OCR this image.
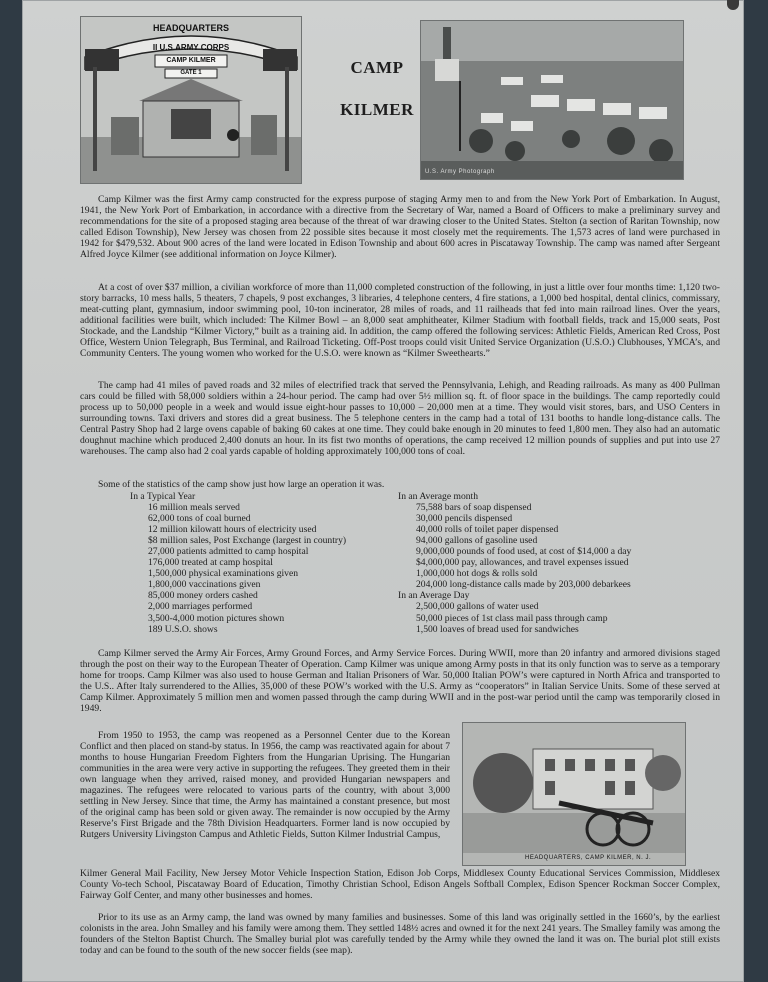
HEADQUARTERS
II U.S.ARMY CORPS
CAMP KILMER
GATE 1	CAMP
KILMER
U.S. Army Photograph

Camp Kilmer was the first Army camp constructed for the express purpose of staging Army men to and from the New York Port of Embarkation. In August, 1941, the New York Port of Embarkation, in accordance with a directive from the Secretary of War, named a Board of Officers to make a preliminary survey and recommendations for the site of a proposed staging area because of the threat of war drawing closer to the United States. Stelton (a section of Raritan Township, now called Edison Township), New Jersey was chosen from 22 possible sites because it most closely met the requirements. The 1,573 acres of land were purchased in 1942 for $479,532. About 900 acres of the land were located in Edison Township and about 600 acres in Piscataway Township. The camp was named after Sergeant Alfred Joyce Kilmer (see additional information on Joyce Kilmer).

At a cost of over $37 million, a civilian workforce of more than 11,000 completed construction of the following, in just a little over four months time: 1,120 two-story barracks, 10 mess halls, 5 theaters, 7 chapels, 9 post exchanges, 3 libraries, 4 telephone centers, 4 fire stations, a 1,000 bed hospital, dental clinics, commissary, meat-cutting plant, gymnasium, indoor swimming pool, 10-ton incinerator, 28 miles of roads, and 11 railheads that fed into main railroad lines. Over the years, additional facilities were built, which included: The Kilmer Bowl – an 8,000 seat amphitheater, Kilmer Stadium with football fields, track and 15,000 seats, Post Stockade, and the Landship “Kilmer Victory,” built as a training aid. In addition, the camp offered the following services: Athletic Fields, American Red Cross, Post Office, Western Union Telegraph, Bus Terminal, and Railroad Ticketing. Off-Post troops could visit United Service Organization (U.S.O.) Clubhouses, YMCA’s, and Community Centers. The young women who worked for the U.S.O. were known as “Kilmer Sweethearts.”

The camp had 41 miles of paved roads and 32 miles of electrified track that served the Pennsylvania, Lehigh, and Reading railroads. As many as 400 Pullman cars could be filled with 58,000 soldiers within a 24-hour period. The camp had over 5½ million sq. ft. of floor space in the buildings. The camp reportedly could process up to 50,000 people in a week and would issue eight-hour passes to 10,000 – 20,000 men at a time. They would visit stores, bars, and USO Centers in surrounding towns. Taxi drivers and stores did a great business. The 5 telephone centers in the camp had a total of 131 booths to handle long-distance calls. The Central Pastry Shop had 2 large ovens capable of baking 60 cakes at one time. They could bake enough in 20 minutes to feed 1,800 men. They also had an automatic doughnut machine which produced 2,400 donuts an hour. In its fist two months of operations, the camp received 12 million pounds of supplies and put into use 27 warehouses. The camp also had 2 coal yards capable of holding approximately 100,000 tons of coal.

Some of the statistics of the camp show just how large an operation it was.

In a Typical Year
16 million meals served
62,000 tons of coal burned
12 million kilowatt hours of electricity used
$8 million sales, Post Exchange (largest in country)
27,000 patients admitted to camp hospital
176,000 treated at camp hospital
1,500,000 physical examinations given
1,800,000 vaccinations given
85,000 money orders cashed
2,000 marriages performed
3,500-4,000 motion pictures shown
189 U.S.O. shows
In an Average month
75,588 bars of soap dispensed
30,000 pencils dispensed
40,000 rolls of toilet paper dispensed
94,000 gallons of gasoline used
9,000,000 pounds of food used, at cost of $14,000 a day
$4,000,000 pay, allowances, and travel expenses issued
1,000,000 hot dogs & rolls sold
204,000 long-distance calls made by 203,000 debarkees
In an Average Day
2,500,000 gallons of water used
50,000 pieces of 1st class mail pass through camp
1,500 loaves of bread used for sandwiches

Camp Kilmer served the Army Air Forces, Army Ground Forces, and Army Service Forces. During WWII, more than 20 infantry and armored divisions staged through the post on their way to the European Theater of Operation. Camp Kilmer was unique among Army posts in that its only function was to serve as a temporary home for troops. Camp Kilmer was also used to house German and Italian Prisoners of War. 50,000 Italian POW’s were captured in North Africa and transported to the U.S.. After Italy surrendered to the Allies, 35,000 of these POW’s worked with the U.S. Army as “cooperators” in Italian Service Units. Some of these served at Camp Kilmer. Approximately 5 million men and women passed through the camp during WWII and in the post-war period until the camp was temporarily closed in 1949.

HEADQUARTERS, CAMP KILMER, N. J.

From 1950 to 1953, the camp was reopened as a Personnel Center due to the Korean Conflict and then placed on stand-by status. In 1956, the camp was reactivated again for about 7 months to house Hungarian Freedom Fighters from the Hungarian Uprising. The Hungarian communities in the area were very active in supporting the refugees. They greeted them in their own language when they arrived, raised money, and provided Hungarian newspapers and magazines. The refugees were relocated to various parts of the country, with about 3,000 settling in New Jersey. Since that time, the Army has maintained a constant presence, but most of the original camp has been sold or given away. The remainder is now occupied by the Army Reserve’s First Brigade and the 78th Division Headquarters. Former land is now occupied by Rutgers University Livingston Campus and Athletic Fields, Sutton Kilmer Industrial Campus,

Kilmer General Mail Facility, New Jersey Motor Vehicle Inspection Station, Edison Job Corps, Middlesex County Educational Services Commission, Middlesex County Vo-tech School, Piscataway Board of Education, Timothy Christian School, Edison Angels Softball Complex, Edison Spencer Rockman Soccer Complex, Fairway Golf Center, and many other businesses and homes.

Prior to its use as an Army camp, the land was owned by many families and businesses. Some of this land was originally settled in the 1660’s, by the earliest colonists in the area. John Smalley and his family were among them. They settled 148½ acres and owned it for the next 241 years. The Smalley family was among the founders of the Stelton Baptist Church. The Smalley burial plot was carefully tended by the Army while they owned the land it was on. The burial plot still exists today and can be found to the south of the new soccer fields (see map).
